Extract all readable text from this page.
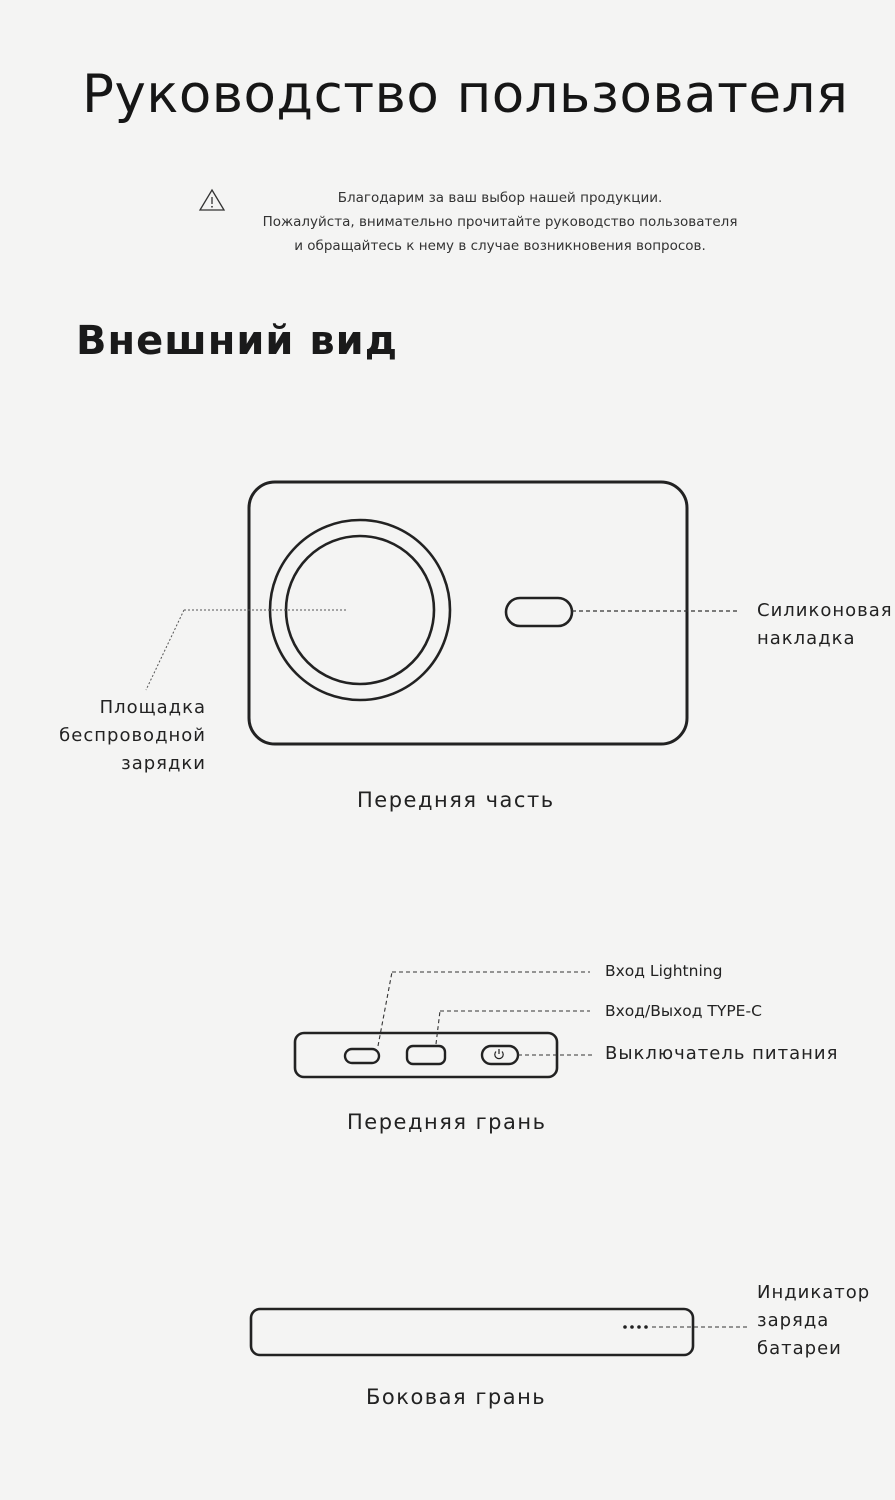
Руководство пользователя
Благодарим за ваш выбор нашей продукции.
Пожалуйста, внимательно прочитайте руководство пользователя
и обращайтесь к нему в случае возникновения вопросов.
Внешний вид
Силиконовая
накладка
Площадка
беспроводной
зарядки
Передняя часть
Вход Lightning
Вход/Выход TYPE-C
Выключатель питания
Передняя грань
Индикатор
заряда
батареи
Боковая грань
